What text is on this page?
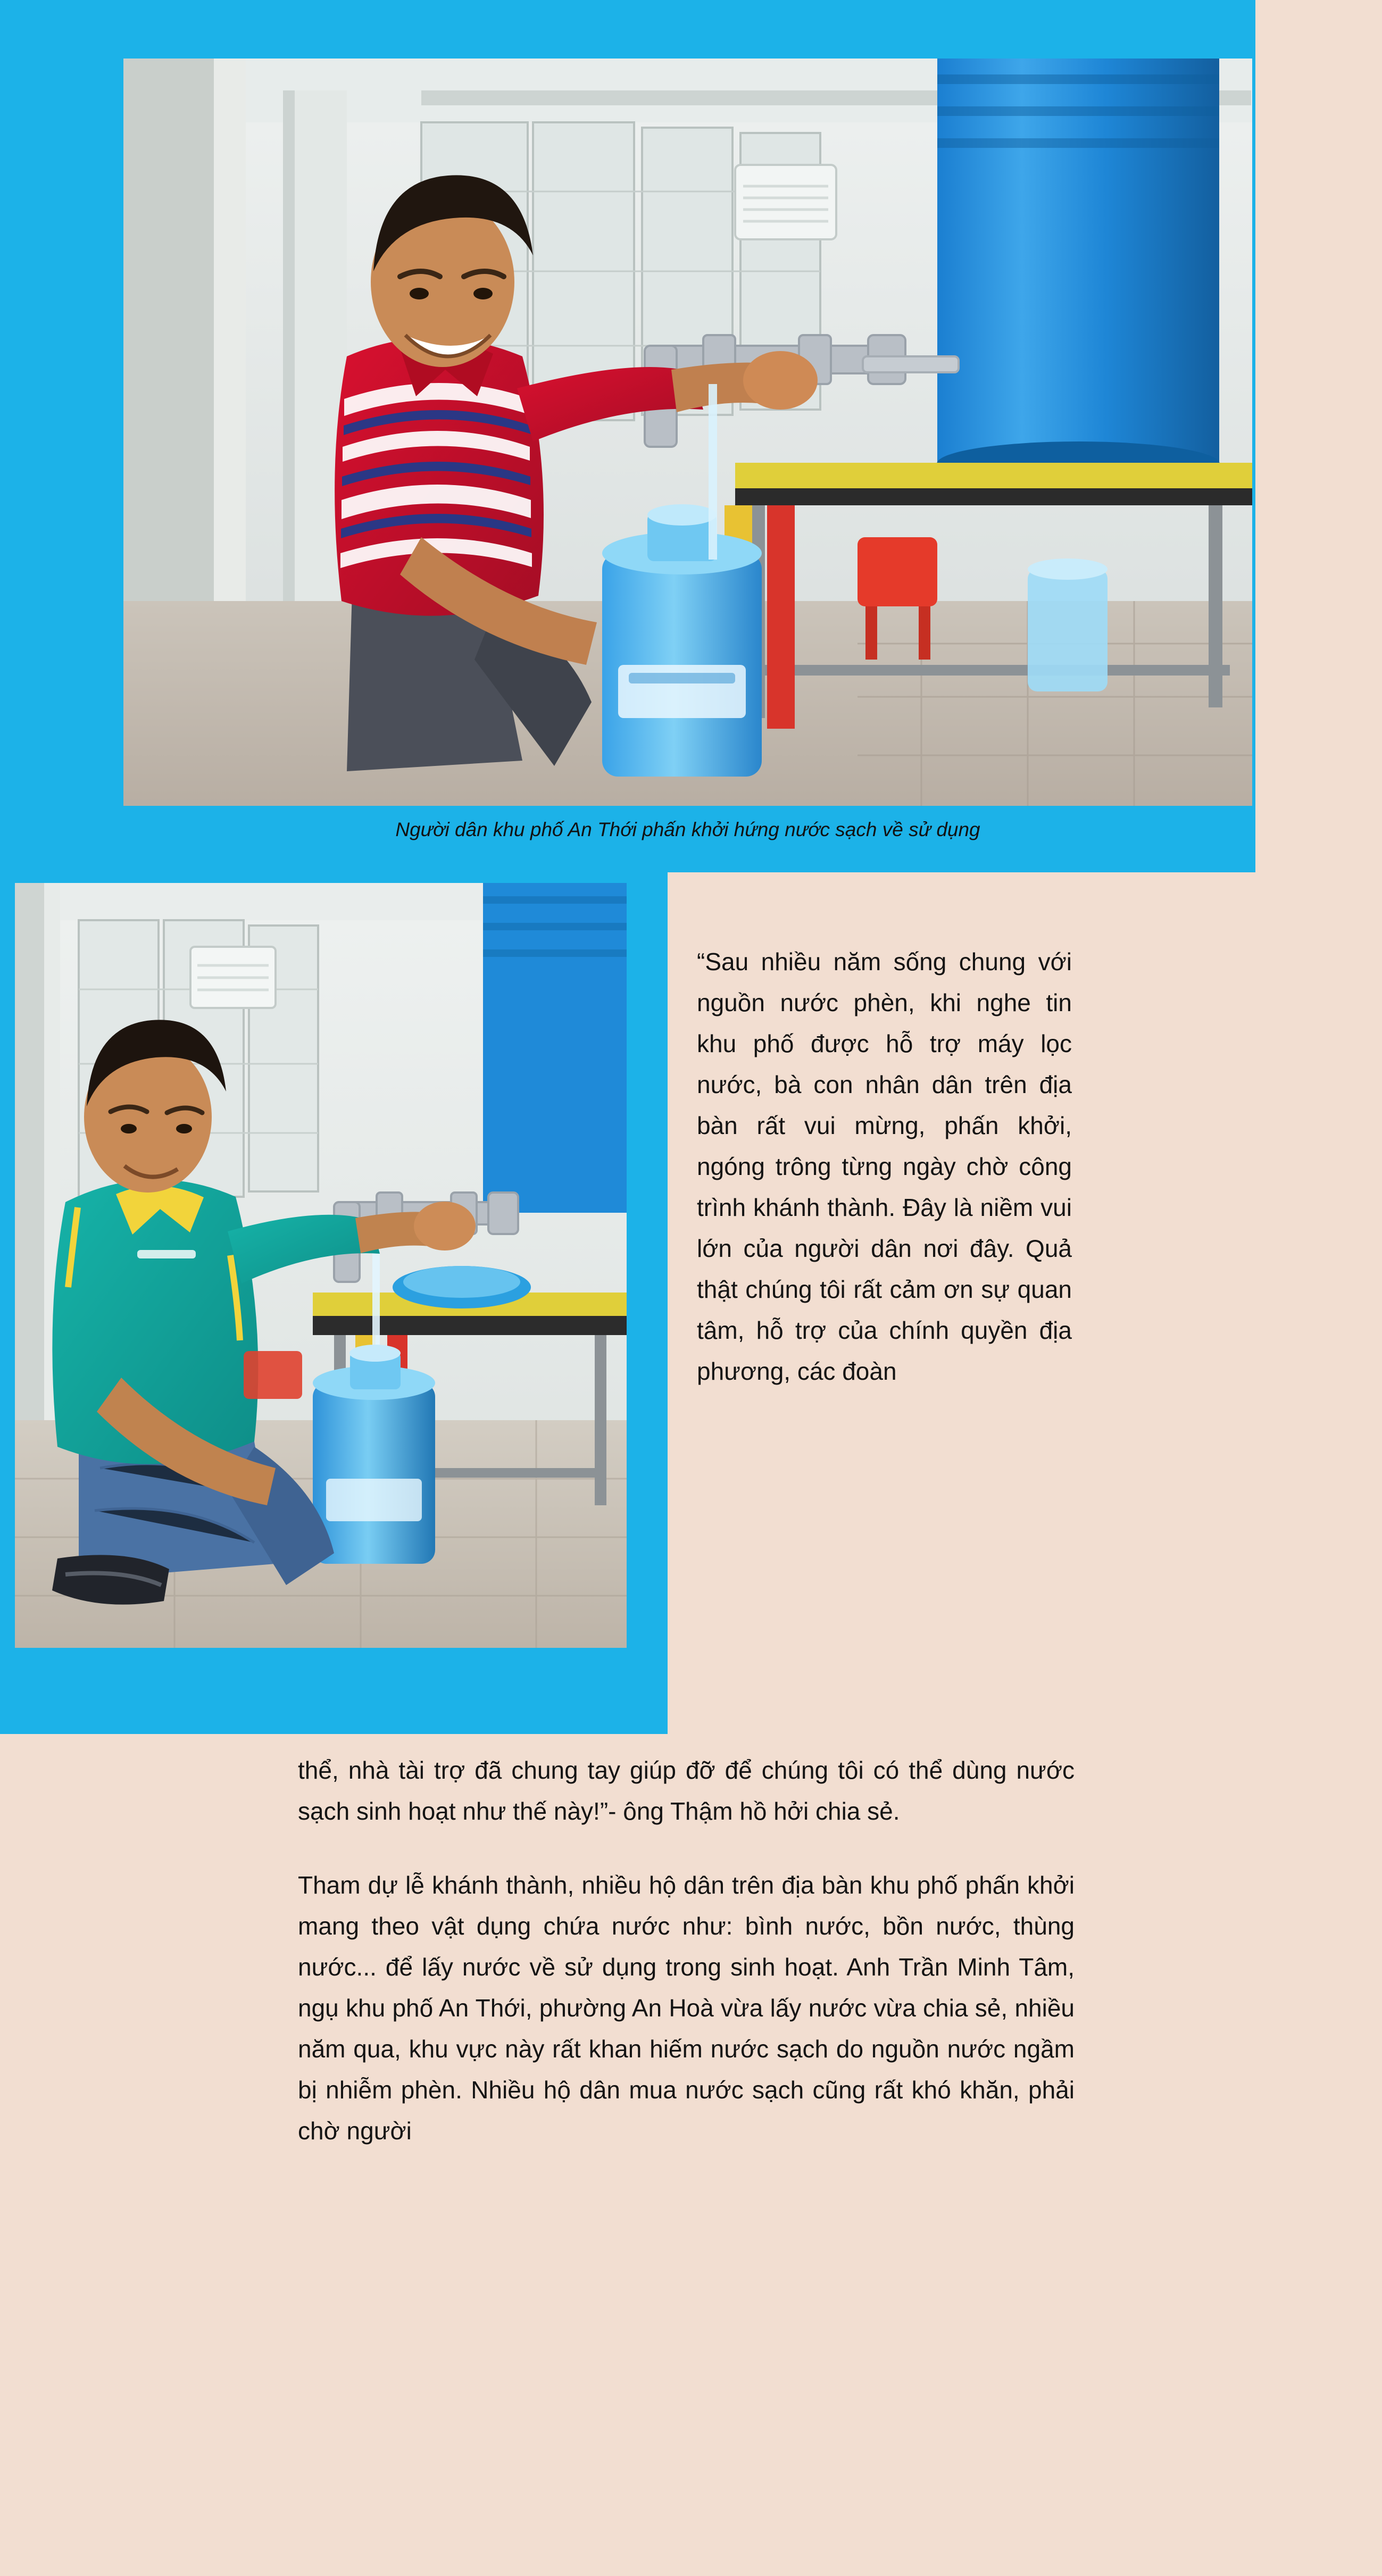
Người dân khu phố An Thới phấn khởi hứng nước sạch về sử dụng
“Sau nhiều năm sống chung với nguồn nước phèn, khi nghe tin khu phố được hỗ trợ máy lọc nước, bà con nhân dân trên địa bàn rất vui mừng, phấn khởi, ngóng trông từng ngày chờ công trình khánh thành. Đây là niềm vui lớn của người dân nơi đây. Quả thật chúng tôi rất cảm ơn sự quan tâm, hỗ trợ của chính quyền địa phương, các đoàn

thể, nhà tài trợ đã chung tay giúp đỡ để chúng tôi có thể dùng nước sạch sinh hoạt như thế này!”- ông Thậm hồ hởi chia sẻ.

Tham dự lễ khánh thành, nhiều hộ dân trên địa bàn khu phố phấn khởi mang theo vật dụng chứa nước như: bình nước, bồn nước, thùng nước... để lấy nước về sử dụng trong sinh hoạt. Anh Trần Minh Tâm, ngụ khu phố An Thới, phường An Hoà vừa lấy nước vừa chia sẻ, nhiều năm qua, khu vực này rất khan hiếm nước sạch do nguồn nước ngầm bị nhiễm phèn. Nhiều hộ dân mua nước sạch cũng rất khó khăn, phải chờ người
